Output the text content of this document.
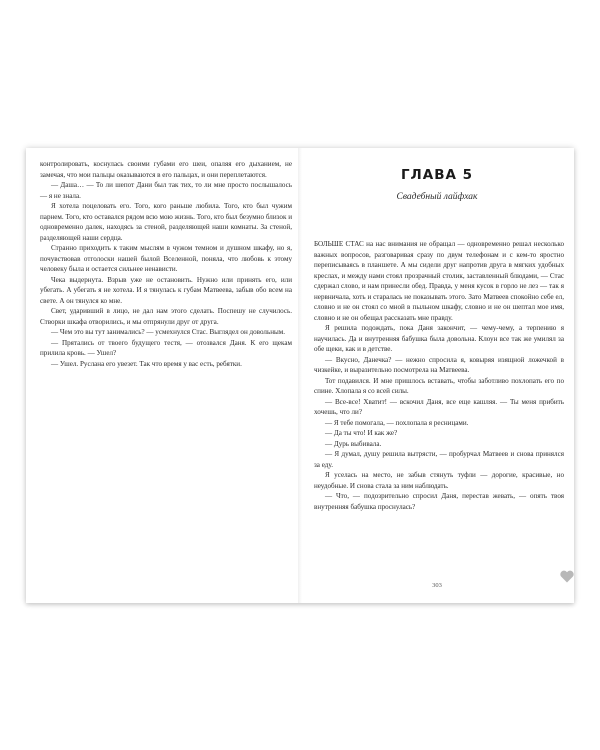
контролировать, коснулась своими губами его шеи, опаляя его дыханием, не замечая, что мои пальцы оказываются в его пальцах, и они переплетаются.

— Даша… — То ли шепот Дани был так тих, то ли мне просто послышалось — я не знала.

Я хотела поцеловать его. Того, кого раньше любила. Того, кто был чужим парнем. Того, кто оставался рядом всю мою жизнь. Того, кто был безумно близок и одновременно далек, находясь за стеной, разделяющей наши комнаты. За стеной, разделяющей наши сердца.

Странно приходить к таким мыслям в чужом темном и душном шкафу, но я, почувствовав отголоски нашей былой Вселенной, поняла, что любовь к этому человеку была и остается сильнее ненависти.

Чека выдернута. Взрыв уже не остановить. Нужно или принять его, или убегать. А убегать я не хотела. И я тянулась к губам Матвеева, забыв обо всем на свете. А он тянулся ко мне.

Свет, ударивший в лицо, не дал нам этого сделать. Поспешу не случилось. Створки шкафа отворились, и мы отпрянули друг от друга.

— Чем это вы тут занимались? — усмехнулся Стас. Выглядел он довольным.

— Прятались от твоего будущего тестя, — отозвался Даня. К его щекам прилила кровь. — Ушел?

— Ушел. Руслана его увезет. Так что время у вас есть, ребятки.

ГЛАВА 5
Свадебный лайфхак

БОЛЬШЕ СТАС на нас внимания не обращал — одновременно решал несколько важных вопросов, разговаривая сразу по двум телефонам и с кем-то яростно переписываясь в планшете. А мы сидели друг напротив друга в мягких удобных креслах, и между нами стоял прозрачный столик, заставленный блюдами, — Стас сдержал слово, и нам принесли обед. Правда, у меня кусок в горло не лез — так я нервничала, хоть и старалась не показывать этого. Зато Матвеев спокойно себе ел, словно и не он стоял со мной в пыльном шкафу, словно и не он шептал мое имя, словно и не он обещал рассказать мне правду.

Я решила подождать, пока Даня закончит, — чему-чему, а терпению я научилась. Да и внутренняя бабушка была довольна. Клоун все так же умилял за обе щеки, как и в детстве.

— Вкусно, Данечка? — нежно спросила я, ковыряя изящной ложечкой в чизкейке, и выразительно посмотрела на Матвеева.

Тот подавился. И мне пришлось вставать, чтобы заботливо похлопать его по спине. Хлопала я со всей силы.

— Все-все! Хватит! — вскочил Даня, все еще кашляя. — Ты меня прибить хочешь, что ли?

— Я тебе помогала, — похлопала я ресницами.

— Да ты что! И как же?

— Дурь выбивала.

— Я думал, душу решила вытрясти, — пробурчал Матвеев и снова принялся за еду.

Я уселась на место, не забыв стянуть туфли — дорогие, красивые, но неудобные. И снова стала за ним наблюдать.

— Что, — подозрительно спросил Даня, перестав жевать, — опять твоя внутренняя бабушка проснулась?

303
